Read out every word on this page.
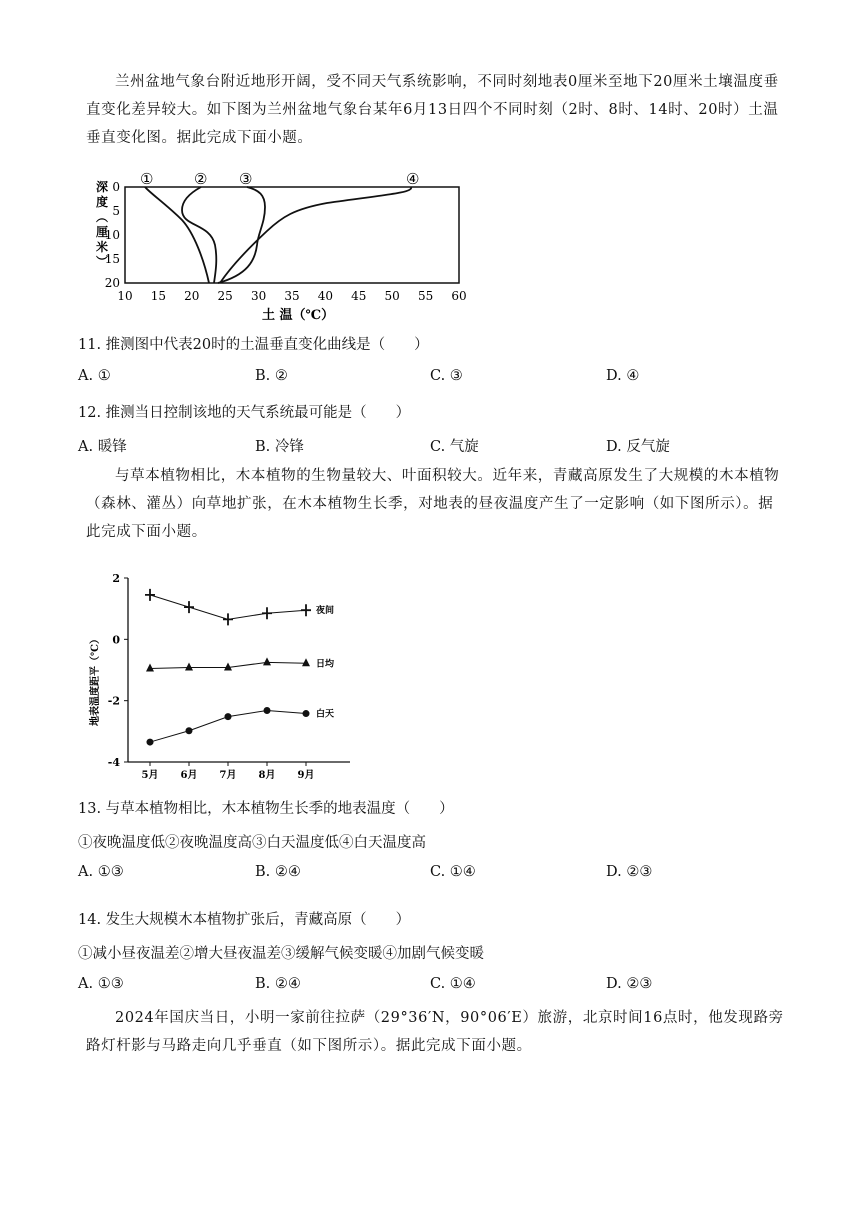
兰州盆地气象台附近地形开阔，受不同天气系统影响，不同时刻地表0厘米至地下20厘米土壤温度垂直变化差异较大。如下图为兰州盆地气象台某年6月13日四个不同时刻（2时、8时、14时、20时）土温垂直变化图。据此完成下面小题。

深度︵厘米︶
0
5
10
15
20
10 15 20 25 30 35 40 45 50 55 60
①	② ③	④
土 温（℃）
11. 推测图中代表20时的土温垂直变化曲线是（　　）
A. ①	B. ②	C. ③	D. ④
12. 推测当日控制该地的天气系统最可能是（　　）
A. 暖锋	B. 冷锋	C. 气旋	D. 反气旋

与草本植物相比，木本植物的生物量较大、叶面积较大。近年来，青藏高原发生了大规模的木本植物（森林、灌丛）向草地扩张，在木本植物生长季，对地表的昼夜温度产生了一定影响（如下图所示）。据此完成下面小题。

地表温度距平（℃）
2
0
-2
-4
5月 6月 7月 8月 9月
夜间
日均
白天
13. 与草本植物相比，木本植物生长季的地表温度（　　）
①夜晚温度低②夜晚温度高③白天温度低④白天温度高
A. ①③	B. ②④	C. ①④	D. ②③
14. 发生大规模木本植物扩张后，青藏高原（　　）
①减小昼夜温差②增大昼夜温差③缓解气候变暖④加剧气候变暖
A. ①③	B. ②④	C. ①④	D. ②③

2024年国庆当日，小明一家前往拉萨（29°36′N，90°06′E）旅游，北京时间16点时，他发现路旁路灯杆影与马路走向几乎垂直（如下图所示）。据此完成下面小题。
